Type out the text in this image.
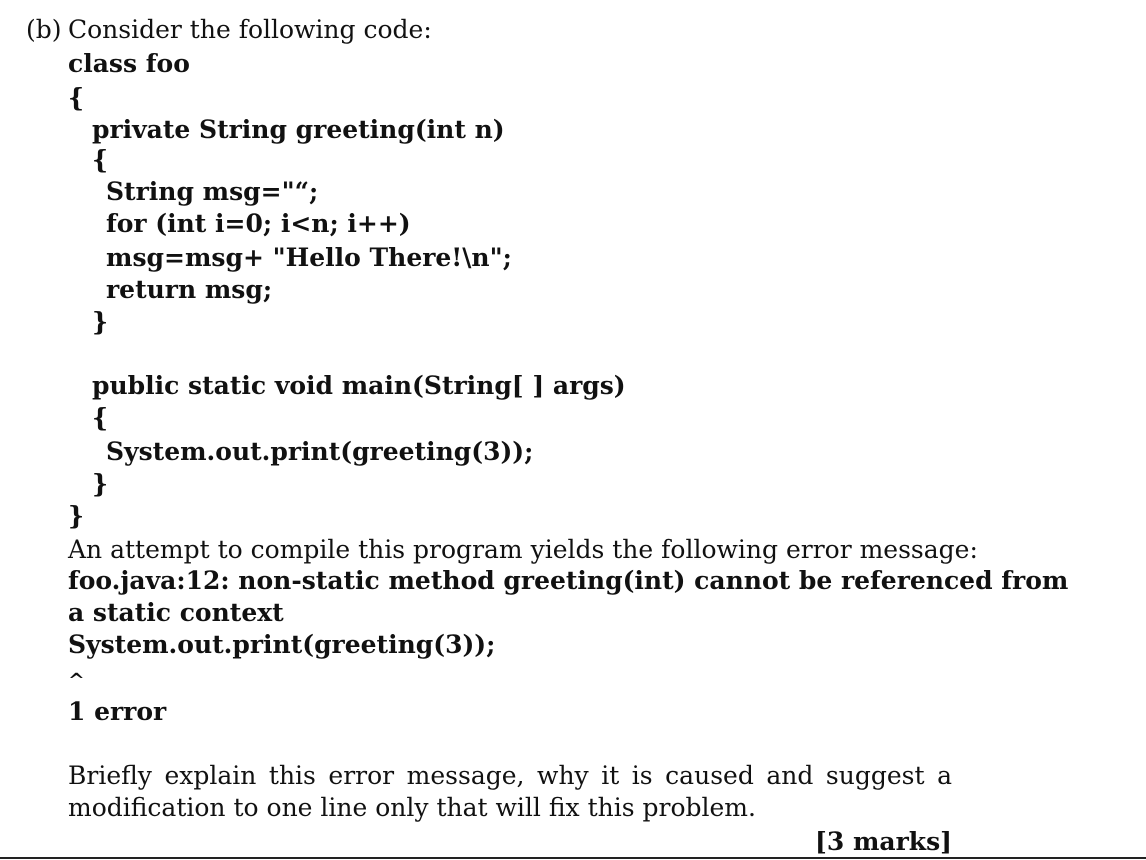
(b) Consider the following code:
class foo
{
private String greeting(int n)
{
String msg="“;
for (int i=0; i<n; i++)
msg=msg+ "Hello There!\n";
return msg;
}
public static void main(String[ ] args)
{
System.out.print(greeting(3));
}
}
An attempt to compile this program yields the following error message:
foo.java:12: non-static method greeting(int) cannot be referenced from
a static context
System.out.print(greeting(3));
^
1 error
Briefly explain this error message, why it is caused and suggest a
modification to one line only that will fix this problem.
[3 marks]
